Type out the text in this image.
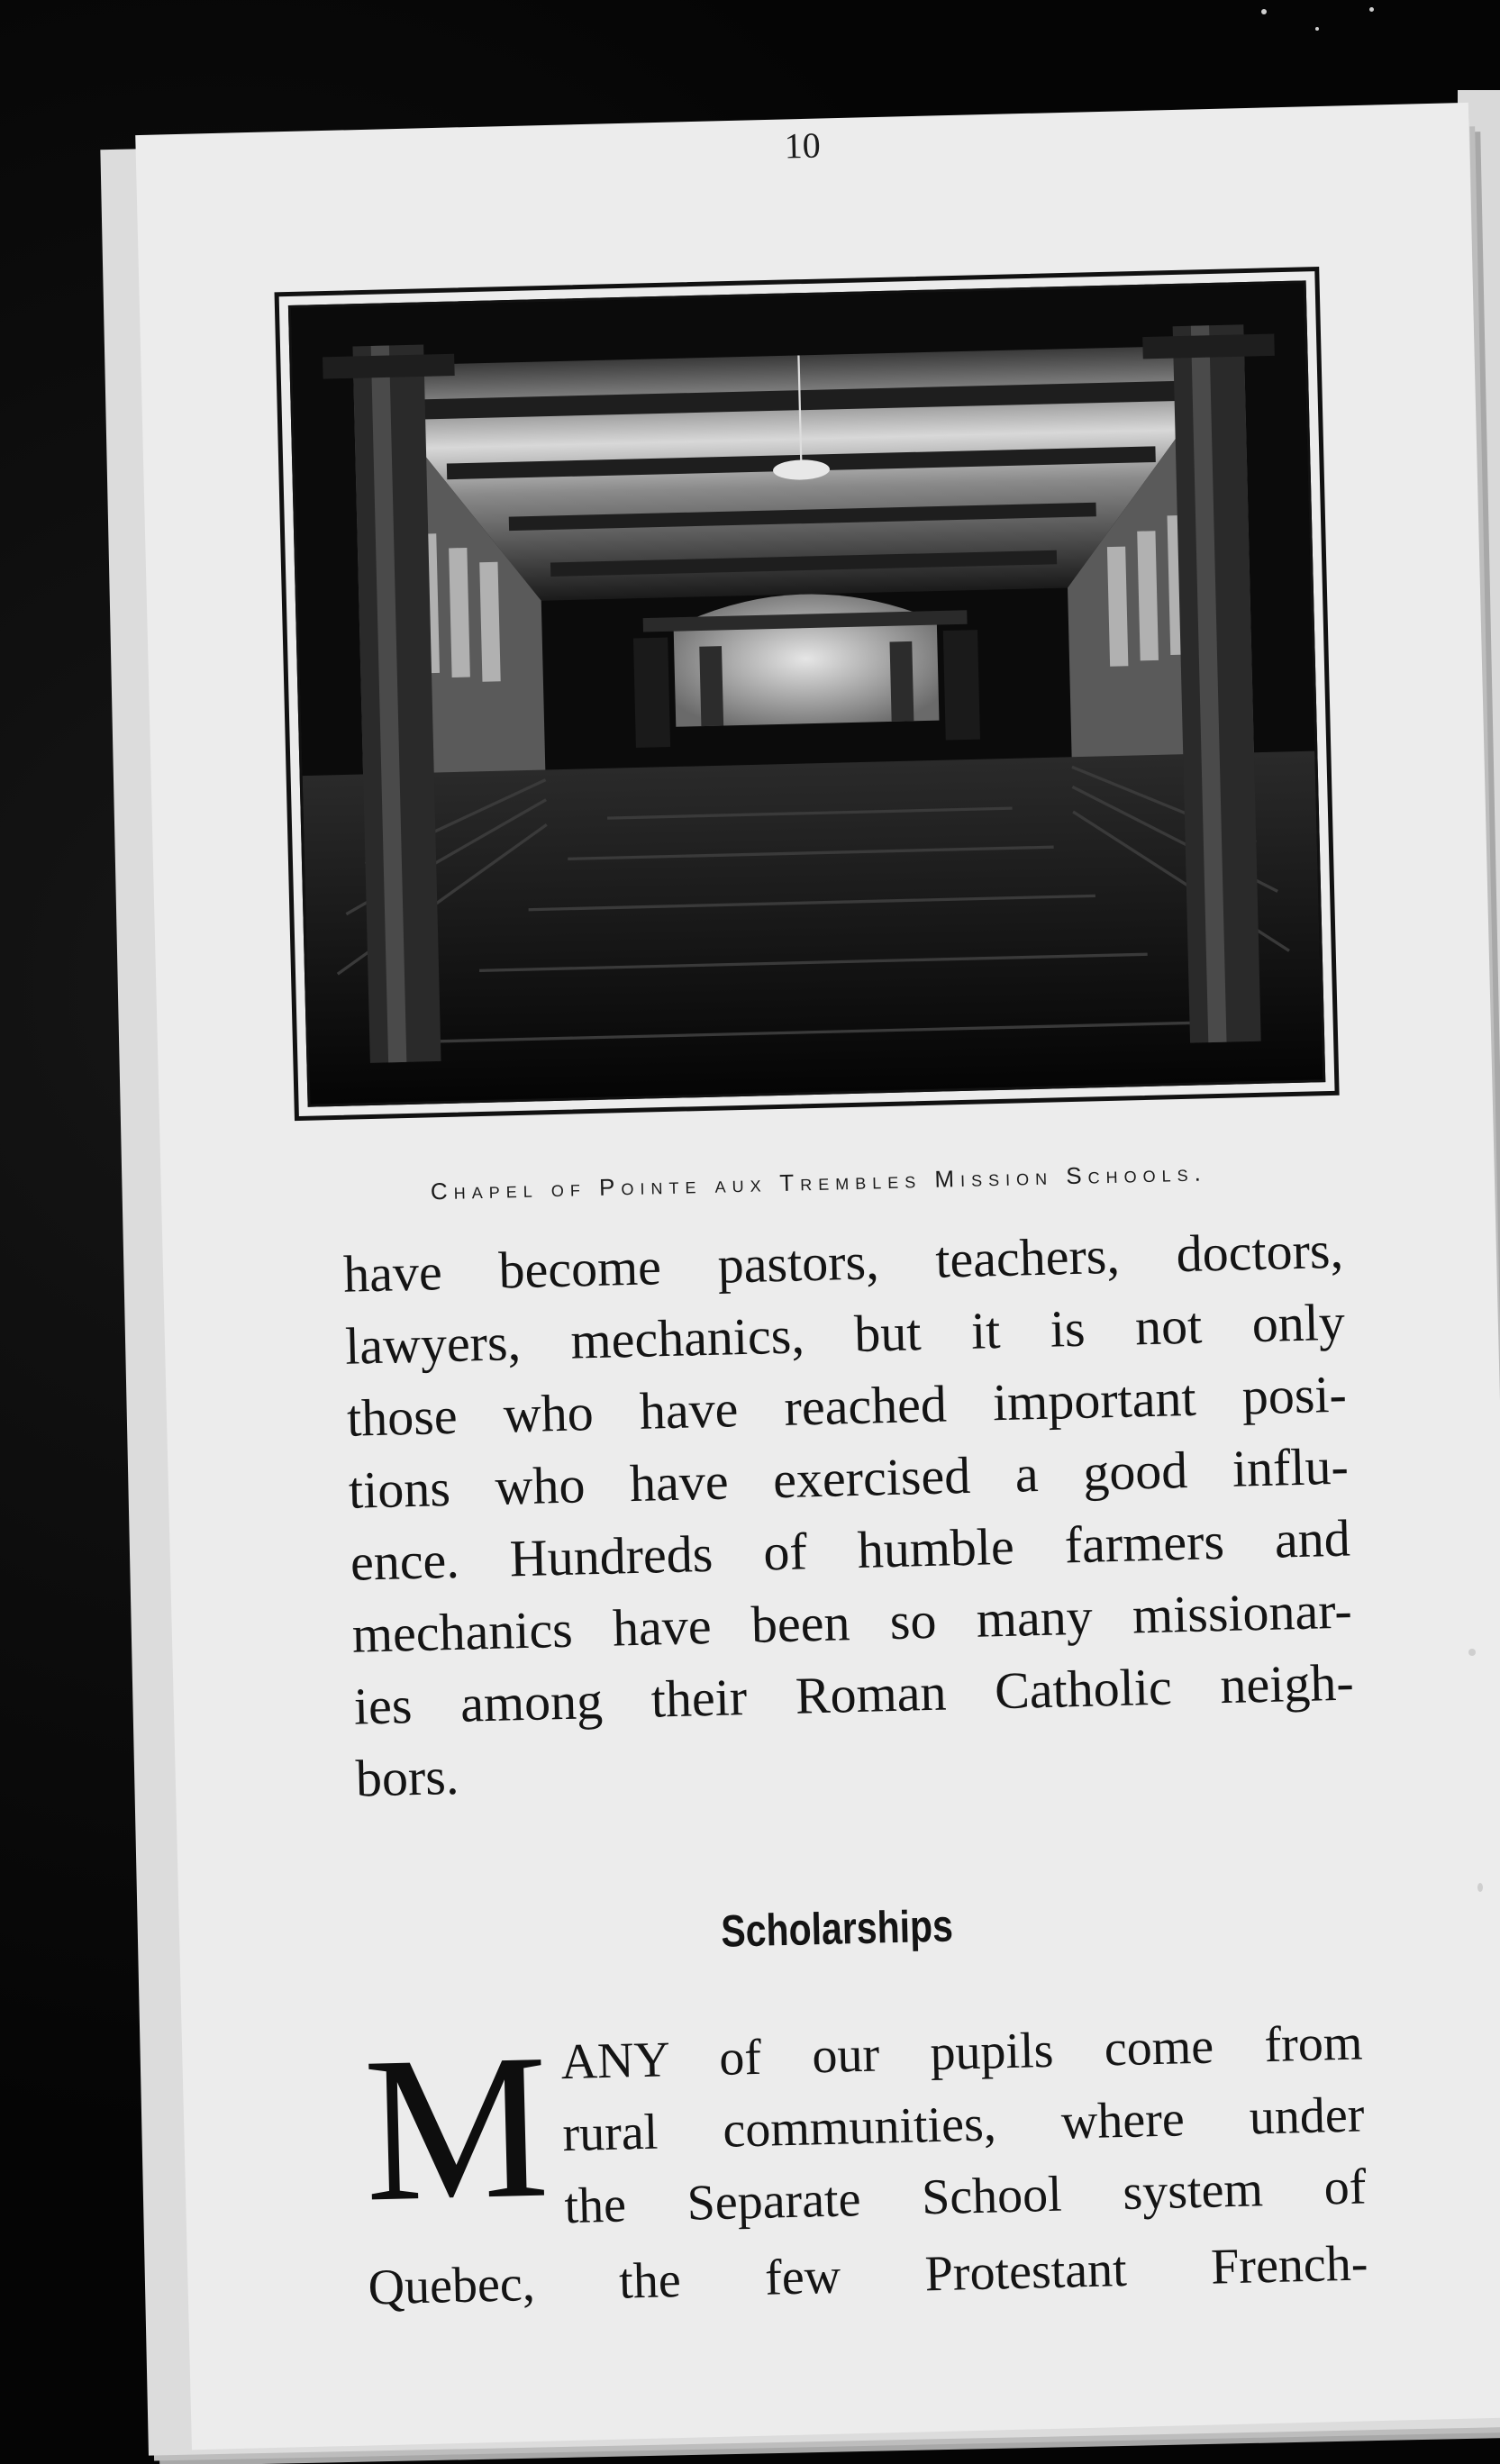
10
Chapel of Pointe aux Trembles Mission Schools.
have become pastors, teachers, doctors,
lawyers, mechanics, but it is not only
those who have reached important posi-
tions who have exercised a good influ-
ence. Hundreds of humble farmers and
mechanics have been so many missionar-
ies among their Roman Catholic neigh-
bors.
Scholarships
M ANY of our pupils come from
rural communities, where under
the Separate School system of
Quebec, the few Protestant French-
